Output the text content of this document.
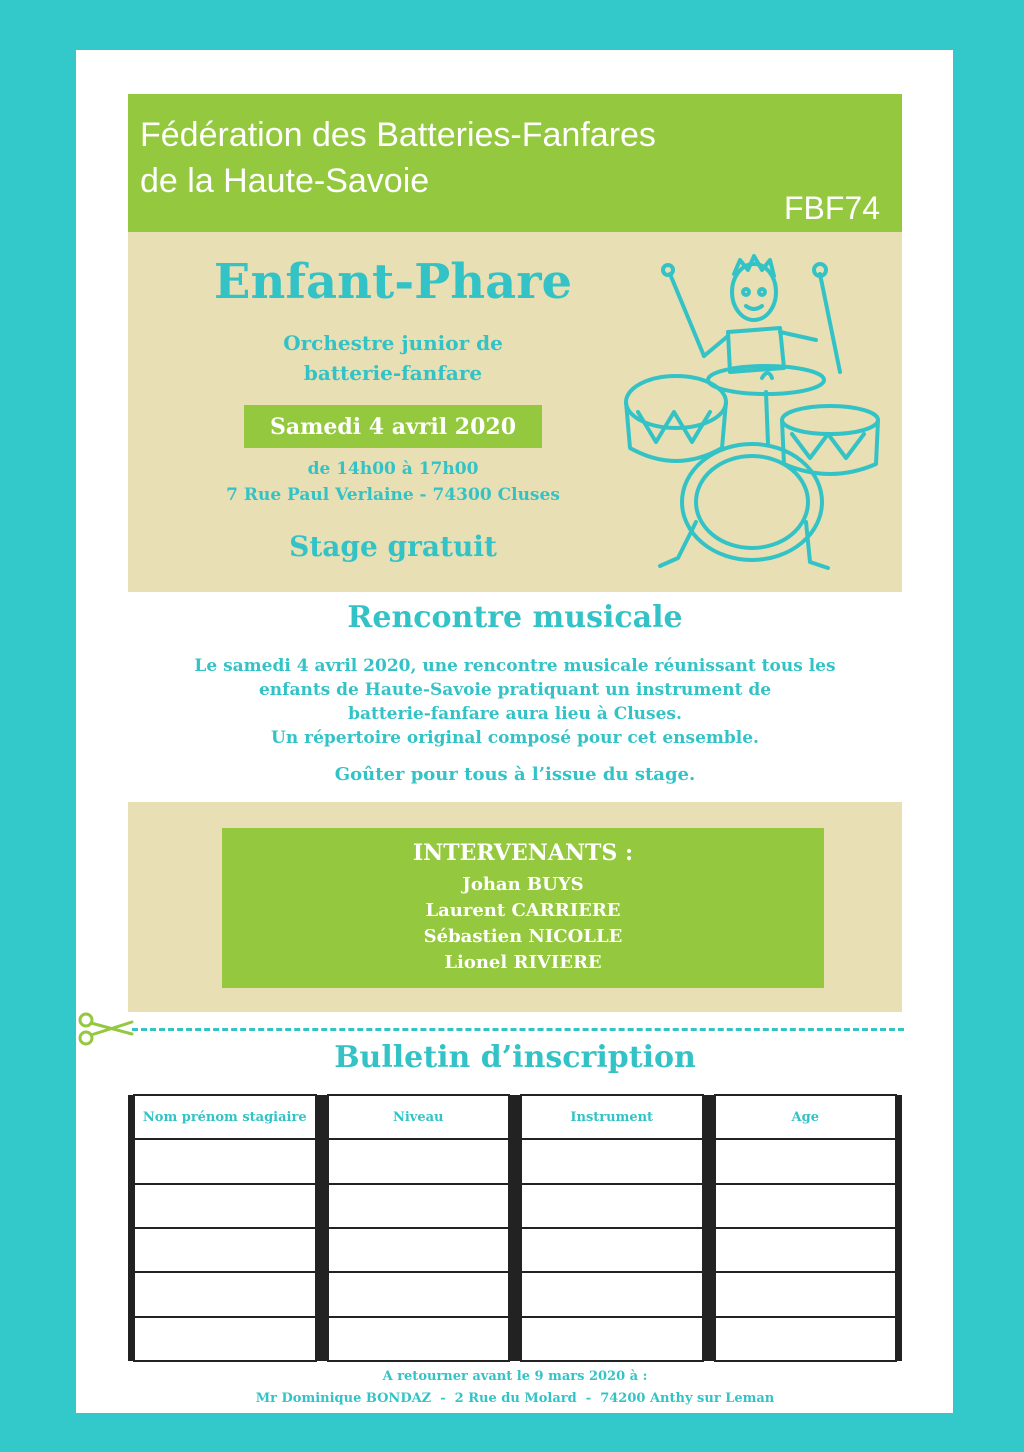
Fédération des Batteries-Fanfares
de la Haute-Savoie
FBF74
Enfant-Phare
Orchestre junior de
batterie-fanfare
Samedi 4 avril 2020
de 14h00 à 17h00
7 Rue Paul Verlaine - 74300 Cluses
Stage gratuit
Rencontre musicale
Le samedi 4 avril 2020, une rencontre musicale réunissant tous les
enfants de Haute-Savoie pratiquant un instrument de
batterie-fanfare aura lieu à Cluses.
Un répertoire original composé pour cet ensemble.
Goûter pour tous à l’issue du stage.
INTERVENANTS :
Johan BUYS
Laurent CARRIERE
Sébastien NICOLLE
Lionel RIVIERE
Bulletin d’inscription
	Nom prénom stagiaire		Niveau		Instrument		Age	

A retourner avant le 9 mars 2020 à :
Mr Dominique BONDAZ  -  2 Rue du Molard  -  74200 Anthy sur Leman
